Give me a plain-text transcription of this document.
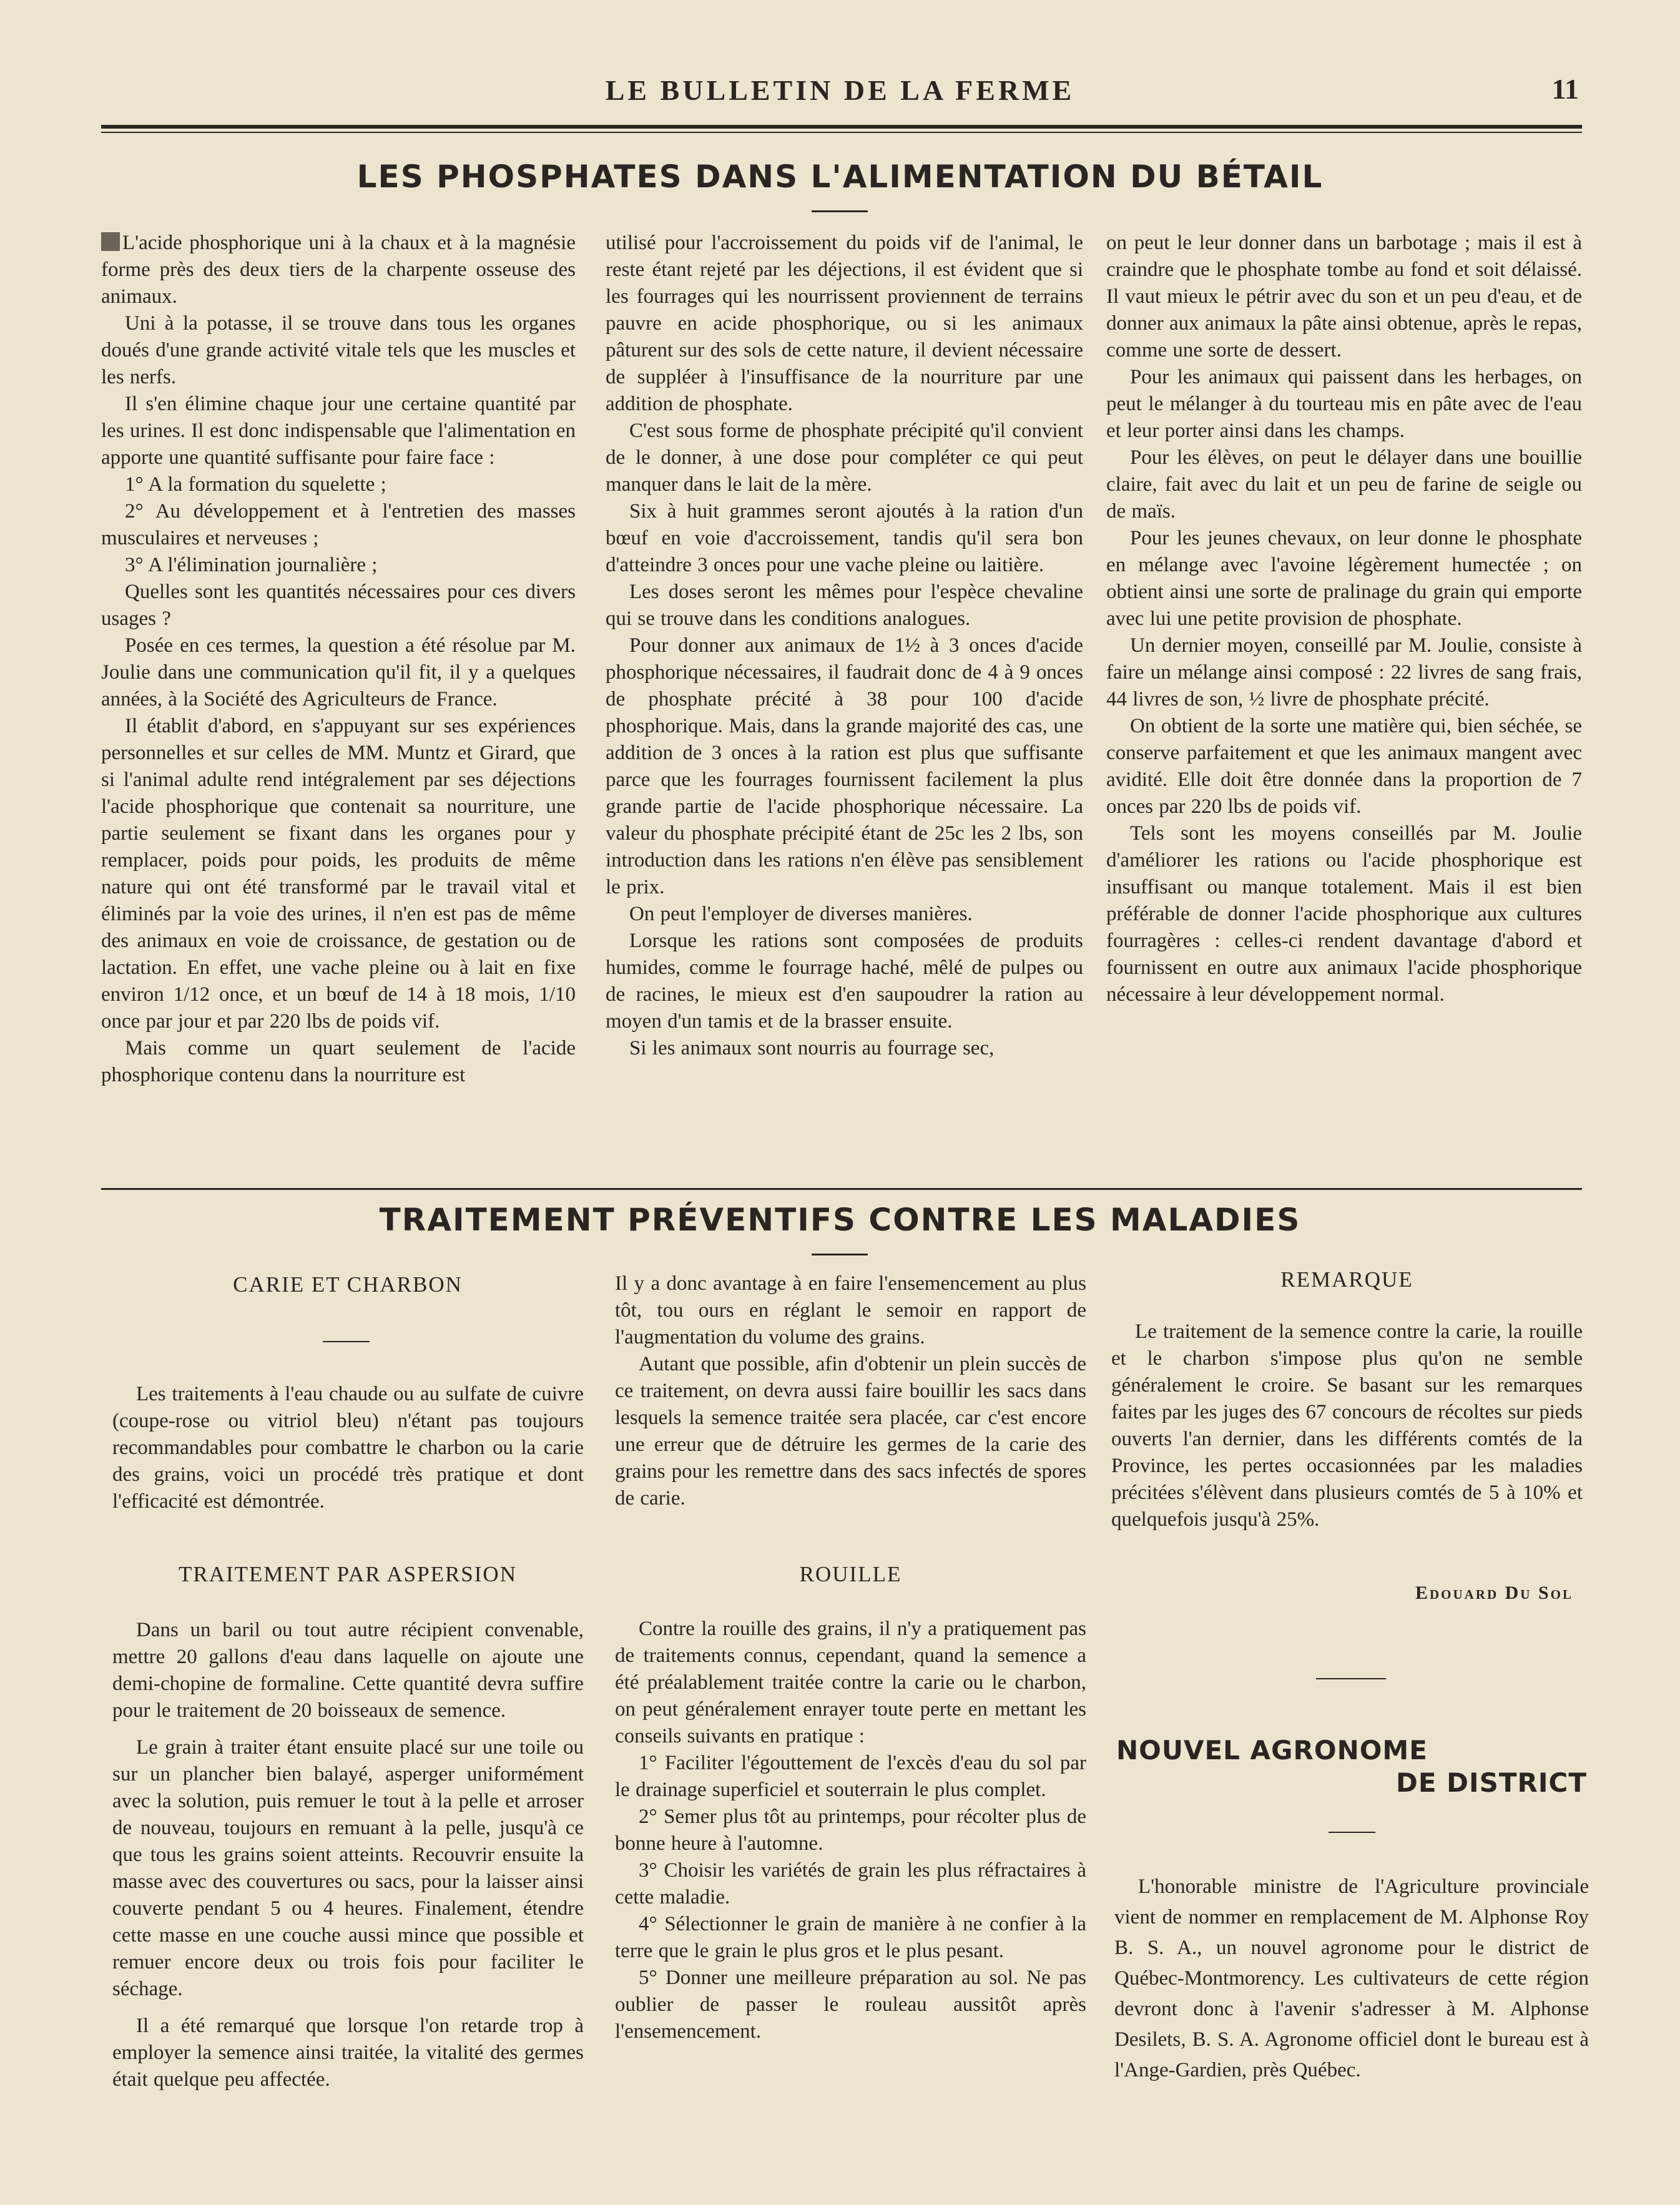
LE BULLETIN DE LA FERME	11
LES PHOSPHATES DANS L'ALIMENTATION DU BÉTAIL

L'acide phosphorique uni à la chaux et à la magnésie forme près des deux tiers de la charpente osseuse des animaux.

Uni à la potasse, il se trouve dans tous les organes doués d'une grande activité vitale tels que les muscles et les nerfs.

Il s'en élimine chaque jour une certaine quantité par les urines. Il est donc indispensable que l'alimentation en apporte une quantité suffisante pour faire face :

1° A la formation du squelette ;

2° Au développement et à l'entretien des masses musculaires et nerveuses ;

3° A l'élimination journalière ;

Quelles sont les quantités nécessaires pour ces divers usages ?

Posée en ces termes, la question a été résolue par M. Joulie dans une communication qu'il fit, il y a quelques années, à la Société des Agriculteurs de France.

Il établit d'abord, en s'appuyant sur ses expériences personnelles et sur celles de MM. Muntz et Girard, que si l'animal adulte rend intégralement par ses déjections l'acide phosphorique que contenait sa nourriture, une partie seulement se fixant dans les organes pour y remplacer, poids pour poids, les produits de même nature qui ont été transformé par le travail vital et éliminés par la voie des urines, il n'en est pas de même des animaux en voie de croissance, de gestation ou de lactation. En effet, une vache pleine ou à lait en fixe environ 1/12 once, et un bœuf de 14 à 18 mois, 1/10 once par jour et par 220 lbs de poids vif.

Mais comme un quart seulement de l'acide phosphorique contenu dans la nourriture est

utilisé pour l'accroissement du poids vif de l'animal, le reste étant rejeté par les déjections, il est évident que si les fourrages qui les nourrissent proviennent de terrains pauvre en acide phosphorique, ou si les animaux pâturent sur des sols de cette nature, il devient nécessaire de suppléer à l'insuffisance de la nourriture par une addition de phosphate.

C'est sous forme de phosphate précipité qu'il convient de le donner, à une dose pour compléter ce qui peut manquer dans le lait de la mère.

Six à huit grammes seront ajoutés à la ration d'un bœuf en voie d'accroissement, tandis qu'il sera bon d'atteindre 3 onces pour une vache pleine ou laitière.

Les doses seront les mêmes pour l'espèce chevaline qui se trouve dans les conditions analogues.

Pour donner aux animaux de 1½ à 3 onces d'acide phosphorique nécessaires, il faudrait donc de 4 à 9 onces de phosphate précité à 38 pour 100 d'acide phosphorique. Mais, dans la grande majorité des cas, une addition de 3 onces à la ration est plus que suffisante parce que les fourrages fournissent facilement la plus grande partie de l'acide phosphorique nécessaire. La valeur du phosphate précipité étant de 25c les 2 lbs, son introduction dans les rations n'en élève pas sensiblement le prix.

On peut l'employer de diverses manières.

Lorsque les rations sont composées de produits humides, comme le fourrage haché, mêlé de pulpes ou de racines, le mieux est d'en saupoudrer la ration au moyen d'un tamis et de la brasser ensuite.

Si les animaux sont nourris au fourrage sec,

on peut le leur donner dans un barbotage ; mais il est à craindre que le phosphate tombe au fond et soit délaissé. Il vaut mieux le pétrir avec du son et un peu d'eau, et de donner aux animaux la pâte ainsi obtenue, après le repas, comme une sorte de dessert.

Pour les animaux qui paissent dans les herbages, on peut le mélanger à du tourteau mis en pâte avec de l'eau et leur porter ainsi dans les champs.

Pour les élèves, on peut le délayer dans une bouillie claire, fait avec du lait et un peu de farine de seigle ou de maïs.

Pour les jeunes chevaux, on leur donne le phosphate en mélange avec l'avoine légèrement humectée ; on obtient ainsi une sorte de pralinage du grain qui emporte avec lui une petite provision de phosphate.

Un dernier moyen, conseillé par M. Joulie, consiste à faire un mélange ainsi composé : 22 livres de sang frais, 44 livres de son, ½ livre de phosphate précité.

On obtient de la sorte une matière qui, bien séchée, se conserve parfaitement et que les animaux mangent avec avidité. Elle doit être donnée dans la proportion de 7 onces par 220 lbs de poids vif.

Tels sont les moyens conseillés par M. Joulie d'améliorer les rations ou l'acide phosphorique est insuffisant ou manque totalement. Mais il est bien préférable de donner l'acide phosphorique aux cultures fourragères : celles-ci rendent davantage d'abord et fournissent en outre aux animaux l'acide phosphorique nécessaire à leur développement normal.

TRAITEMENT PRÉVENTIFS CONTRE LES MALADIES
CARIE ET CHARBON

Les traitements à l'eau chaude ou au sulfate de cuivre (coupe-rose ou vitriol bleu) n'étant pas toujours recommandables pour combattre le charbon ou la carie des grains, voici un procédé très pratique et dont l'efficacité est démontrée.

TRAITEMENT PAR ASPERSION

Dans un baril ou tout autre récipient convenable, mettre 20 gallons d'eau dans laquelle on ajoute une demi-chopine de formaline. Cette quantité devra suffire pour le traitement de 20 boisseaux de semence.

Le grain à traiter étant ensuite placé sur une toile ou sur un plancher bien balayé, asperger uniformément avec la solution, puis remuer le tout à la pelle et arroser de nouveau, toujours en remuant à la pelle, jusqu'à ce que tous les grains soient atteints. Recouvrir ensuite la masse avec des couvertures ou sacs, pour la laisser ainsi couverte pendant 5 ou 4 heures. Finalement, étendre cette masse en une couche aussi mince que possible et remuer encore deux ou trois fois pour faciliter le séchage.

Il a été remarqué que lorsque l'on retarde trop à employer la semence ainsi traitée, la vitalité des germes était quelque peu affectée.

Il y a donc avantage à en faire l'ensemencement au plus tôt, tou ours en réglant le semoir en rapport de l'augmentation du volume des grains.

Autant que possible, afin d'obtenir un plein succès de ce traitement, on devra aussi faire bouillir les sacs dans lesquels la semence traitée sera placée, car c'est encore une erreur que de détruire les germes de la carie des grains pour les remettre dans des sacs infectés de spores de carie.

ROUILLE

Contre la rouille des grains, il n'y a pratiquement pas de traitements connus, cependant, quand la semence a été préalablement traitée contre la carie ou le charbon, on peut généralement enrayer toute perte en mettant les conseils suivants en pratique :

1° Faciliter l'égouttement de l'excès d'eau du sol par le drainage superficiel et souterrain le plus complet.

2° Semer plus tôt au printemps, pour récolter plus de bonne heure à l'automne.

3° Choisir les variétés de grain les plus réfractaires à cette maladie.

4° Sélectionner le grain de manière à ne confier à la terre que le grain le plus gros et le plus pesant.

5° Donner une meilleure préparation au sol. Ne pas oublier de passer le rouleau aussitôt après l'ensemencement.

REMARQUE

Le traitement de la semence contre la carie, la rouille et le charbon s'impose plus qu'on ne semble généralement le croire. Se basant sur les remarques faites par les juges des 67 concours de récoltes sur pieds ouverts l'an dernier, dans les différents comtés de la Province, les pertes occasionnées par les maladies précitées s'élèvent dans plusieurs comtés de 5 à 10% et quelquefois jusqu'à 25%.

Edouard Du Sol
NOUVEL AGRONOME
DE DISTRICT

L'honorable ministre de l'Agriculture provinciale vient de nommer en remplacement de M. Alphonse Roy B. S. A., un nouvel agronome pour le district de Québec-Montmorency. Les cultivateurs de cette région devront donc à l'avenir s'adresser à M. Alphonse Desilets, B. S. A. Agronome officiel dont le bureau est à l'Ange-Gardien, près Québec.
